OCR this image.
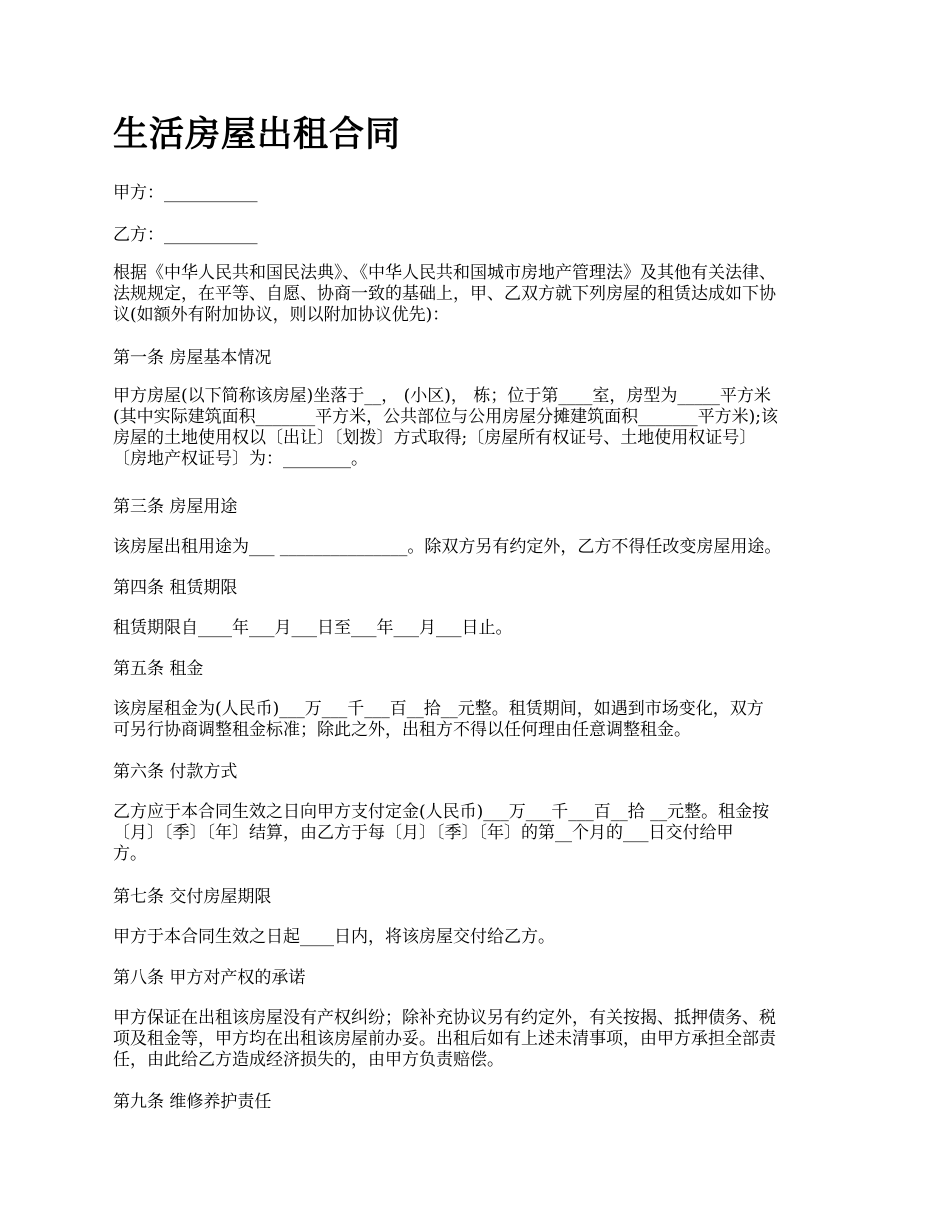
生活房屋出租合同

甲方：___________

乙方：___________

根据《中华人民共和国民法典》、《中华人民共和国城市房地产管理法》及其他有关法律、
法规规定，在平等、自愿、协商一致的基础上，甲、乙双方就下列房屋的租赁达成如下协
议(如额外有附加协议，则以附加协议优先)：

第一条 房屋基本情况

甲方房屋(以下简称该房屋)坐落于__， (小区)， 栋；位于第____室，房型为_____平方米
(其中实际建筑面积_______平方米，公共部位与公用房屋分摊建筑面积_______平方米);该
房屋的土地使用权以〔出让〕〔划拨〕方式取得;〔房屋所有权证号、土地使用权证号〕
〔房地产权证号〕为：________。

第三条 房屋用途

该房屋出租用途为___ _______________。除双方另有约定外，乙方不得任改变房屋用途。

第四条 租赁期限

租赁期限自____年___月___日至___年___月___日止。

第五条 租金

该房屋租金为(人民币)___万___千___百__拾__元整。租赁期间，如遇到市场变化，双方
可另行协商调整租金标准；除此之外，出租方不得以任何理由任意调整租金。

第六条 付款方式

乙方应于本合同生效之日向甲方支付定金(人民币)___万___千___百__拾 __元整。租金按
〔月〕〔季〕〔年〕结算，由乙方于每〔月〕〔季〕〔年〕的第__个月的___日交付给甲
方。

第七条 交付房屋期限

甲方于本合同生效之日起____日内，将该房屋交付给乙方。

第八条 甲方对产权的承诺

甲方保证在出租该房屋没有产权纠纷；除补充协议另有约定外，有关按揭、抵押债务、税
项及租金等，甲方均在出租该房屋前办妥。出租后如有上述未清事项，由甲方承担全部责
任，由此给乙方造成经济损失的，由甲方负责赔偿。

第九条 维修养护责任
